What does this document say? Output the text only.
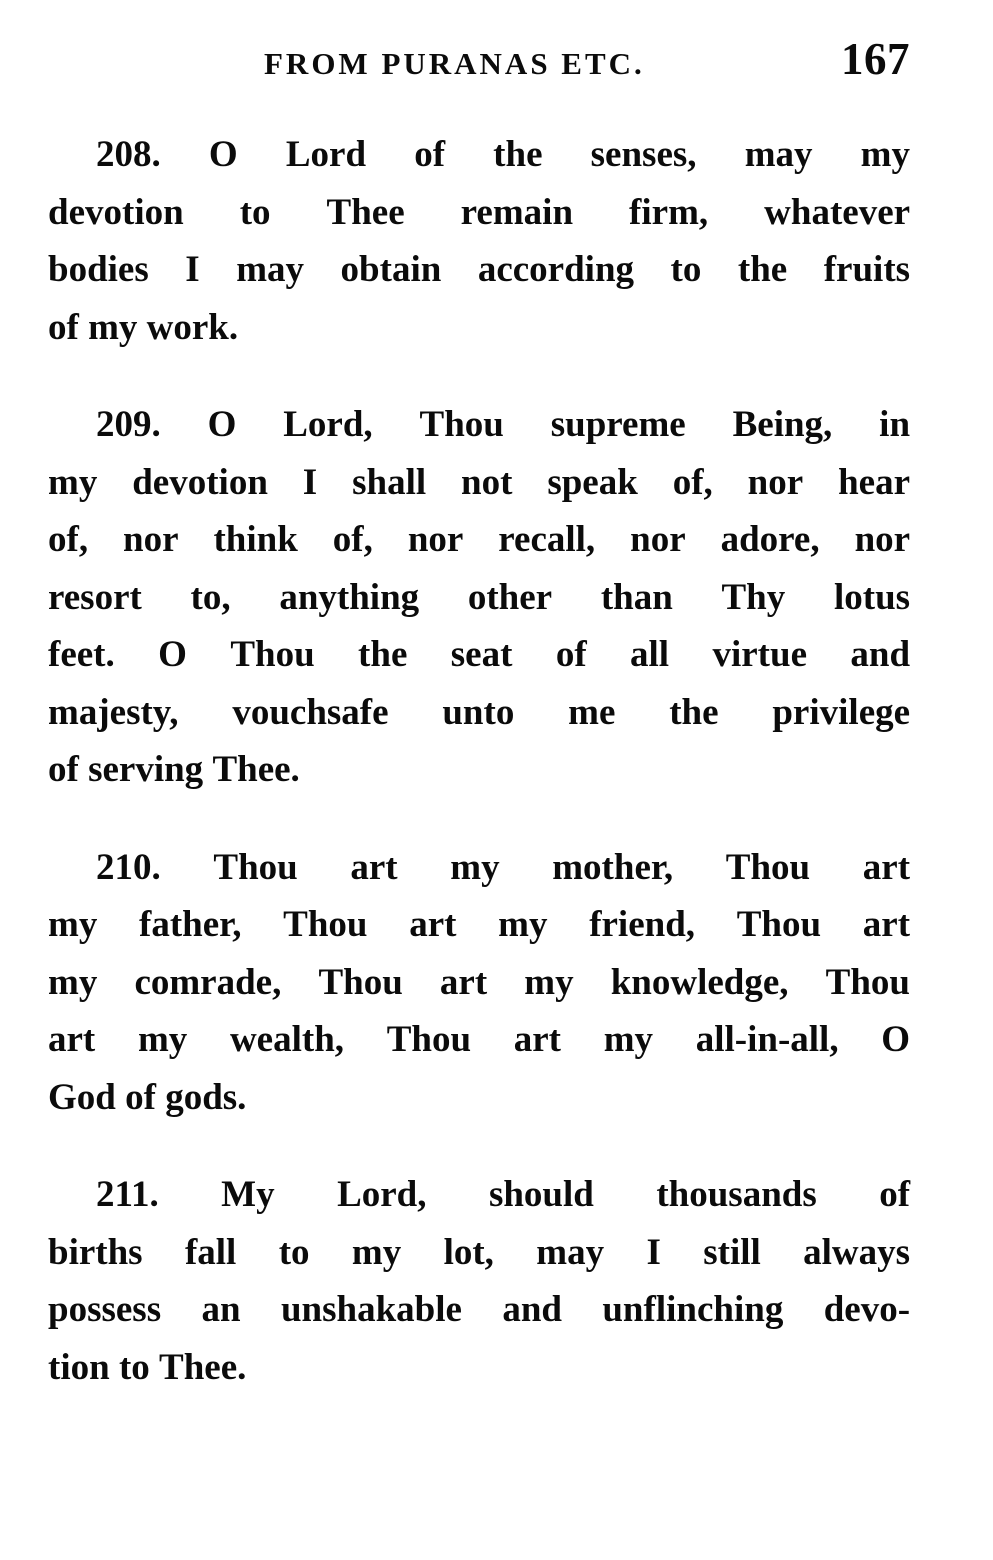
FROM PURANAS ETC.	167

208. O Lord of the senses, may my
devotion to Thee remain firm, whatever
bodies I may obtain according to the fruits
of my work.

209. O Lord, Thou supreme Being, in
my devotion I shall not speak of, nor hear
of, nor think of, nor recall, nor adore, nor
resort to, anything other than Thy lotus
feet. O Thou the seat of all virtue and
majesty, vouchsafe unto me the privilege
of serving Thee.

210. Thou art my mother, Thou art
my father, Thou art my friend, Thou art
my comrade, Thou art my knowledge, Thou
art my wealth, Thou art my all-in-all, O
God of gods.

211. My Lord, should thousands of
births fall to my lot, may I still always
possess an unshakable and unflinching devo-
tion to Thee.
